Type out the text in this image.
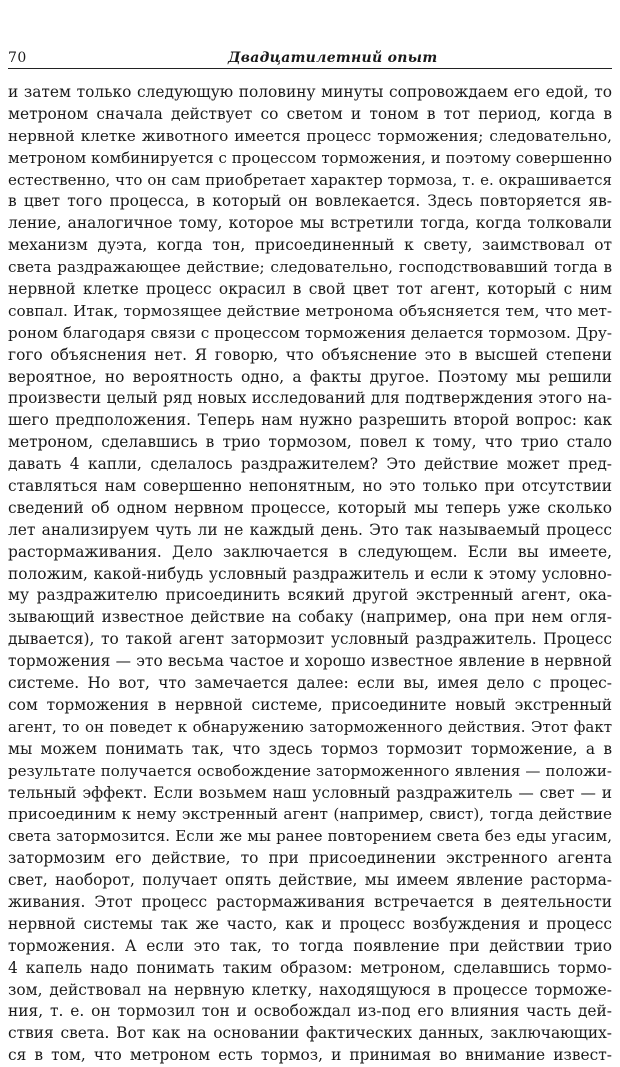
70	Двадцатилетний опыт
и затем только следующую половину минуты сопровождаем его едой, то
метроном сначала действует со светом и тоном в тот период, когда в
нервной клетке животного имеется процесс торможения; следовательно,
метроном комбинируется с процессом торможения, и поэтому совершенно
естественно, что он сам приобретает характер тормоза, т. е. окрашивается
в цвет того процесса, в который он вовлекается. Здесь повторяется яв-
ление, аналогичное тому, которое мы встретили тогда, когда толковали
механизм дуэта, когда тон, присоединенный к свету, заимствовал от
света раздражающее действие; следовательно, господствовавший тогда в
нервной клетке процесс окрасил в свой цвет тот агент, который с ним
совпал. Итак, тормозящее действие метронома объясняется тем, что мет-
роном благодаря связи с процессом торможения делается тормозом. Дру-
гого объяснения нет. Я говорю, что объяснение это в высшей степени
вероятное, но вероятность одно, а факты другое. Поэтому мы решили
произвести целый ряд новых исследований для подтверждения этого на-
шего предположения. Теперь нам нужно разрешить второй вопрос: как
метроном, сделавшись в трио тормозом, повел к тому, что трио стало
давать 4 капли, сделалось раздражителем? Это действие может пред-
ставляться нам совершенно непонятным, но это только при отсутствии
сведений об одном нервном процессе, который мы теперь уже сколько
лет анализируем чуть ли не каждый день. Это так называемый процесс
растормаживания. Дело заключается в следующем. Если вы имеете,
положим, какой-нибудь условный раздражитель и если к этому условно-
му раздражителю присоединить всякий другой экстренный агент, ока-
зывающий известное действие на собаку (например, она при нем огля-
дывается), то такой агент затормозит условный раздражитель. Процесс
торможения — это весьма частое и хорошо известное явление в нервной
системе. Но вот, что замечается далее: если вы, имея дело с процес-
сом торможения в нервной системе, присоедините новый экстренный
агент, то он поведет к обнаружению заторможенного действия. Этот факт
мы можем понимать так, что здесь тормоз тормозит торможение, а в
результате получается освобождение заторможенного явления — положи-
тельный эффект. Если возьмем наш условный раздражитель — свет — и
присоединим к нему экстренный агент (например, свист), тогда действие
света затормозится. Если же мы ранее повторением света без еды угасим,
затормозим его действие, то при присоединении экстренного агента
свет, наоборот, получает опять действие, мы имеем явление растормa-
живания. Этот процесс растормаживания встречается в деятельности
нервной системы так же часто, как и процесс возбуждения и процесс
торможения. А если это так, то тогда появление при действии трио
4 капель надо понимать таким образом: метроном, сделавшись тормо-
зом, действовал на нервную клетку, находящуюся в процессе торможе-
ния, т. е. он тормозил тон и освобождал из-под его влияния часть дей-
ствия света. Вот как на основании фактических данных, заключающих-
ся в том, что метроном есть тормоз, и принимая во внимание извест-
